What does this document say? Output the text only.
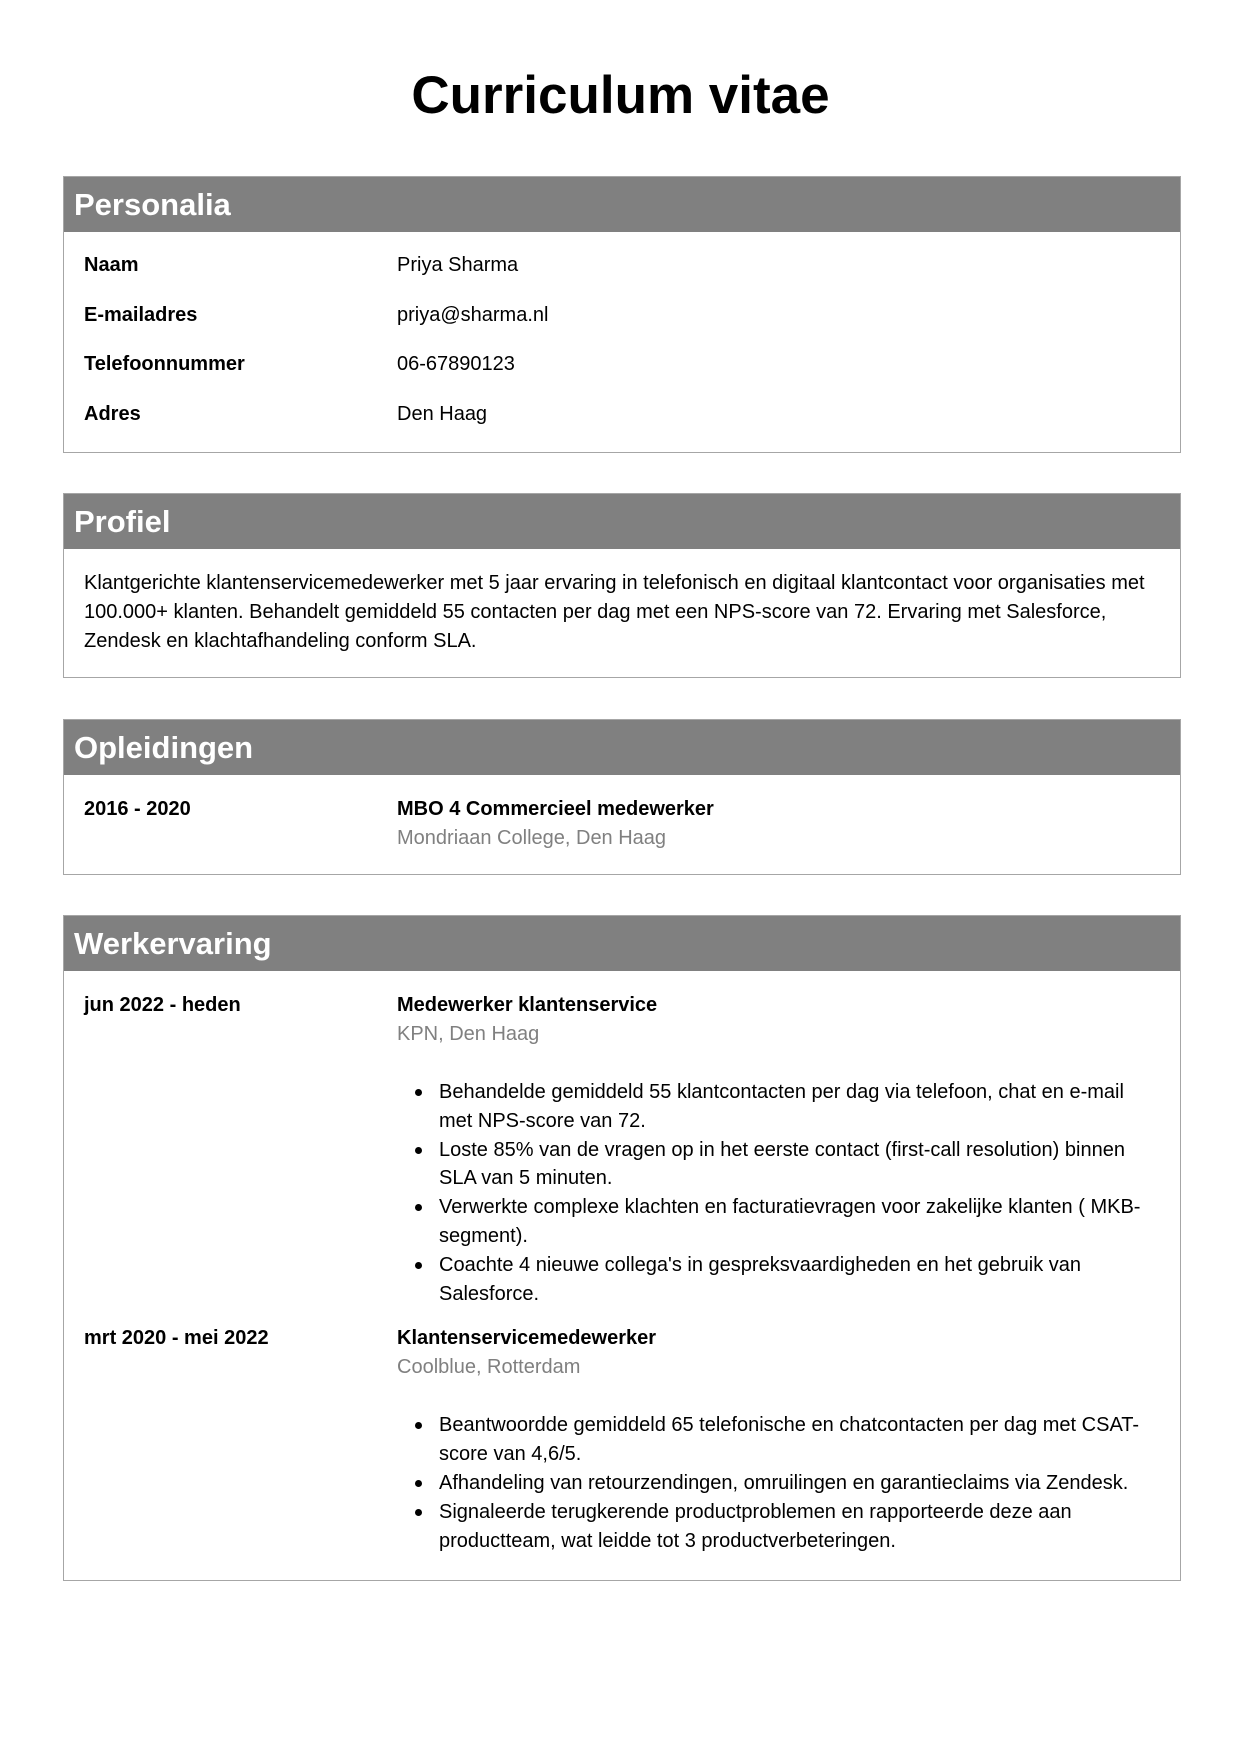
Curriculum vitae
Personalia
Naam	Priya Sharma
E-mailadres	priya@sharma.nl
Telefoonnummer	06-67890123
Adres	Den Haag
Profiel
Klantgerichte klantenservicemedewerker met 5 jaar ervaring in telefonisch en digitaal klantcontact voor organisaties met 100.000+ klanten. Behandelt gemiddeld 55 contacten per dag met een NPS-score van 72. Ervaring met Salesforce, Zendesk en klachtafhandeling conform SLA.
Opleidingen
2016 - 2020	MBO 4 Commercieel medewerker
Mondriaan College, Den Haag
Werkervaring
jun 2022 - heden	Medewerker klantenservice
KPN, Den Haag
Behandelde gemiddeld 55 klantcontacten per dag via telefoon, chat en e-mail met NPS-score van 72.
Loste 85% van de vragen op in het eerste contact (first-call resolution) binnen SLA van 5 minuten.
Verwerkte complexe klachten en facturatievragen voor zakelijke klanten ( MKB-segment).
Coachte 4 nieuwe collega's in gespreksvaardigheden en het gebruik van Salesforce.
mrt 2020 - mei 2022	Klantenservicemedewerker
Coolblue, Rotterdam
Beantwoordde gemiddeld 65 telefonische en chatcontacten per dag met CSAT-score van 4,6/5.
Afhandeling van retourzendingen, omruilingen en garantieclaims via Zendesk.
Signaleerde terugkerende productproblemen en rapporteerde deze aan productteam, wat leidde tot 3 productverbeteringen.
